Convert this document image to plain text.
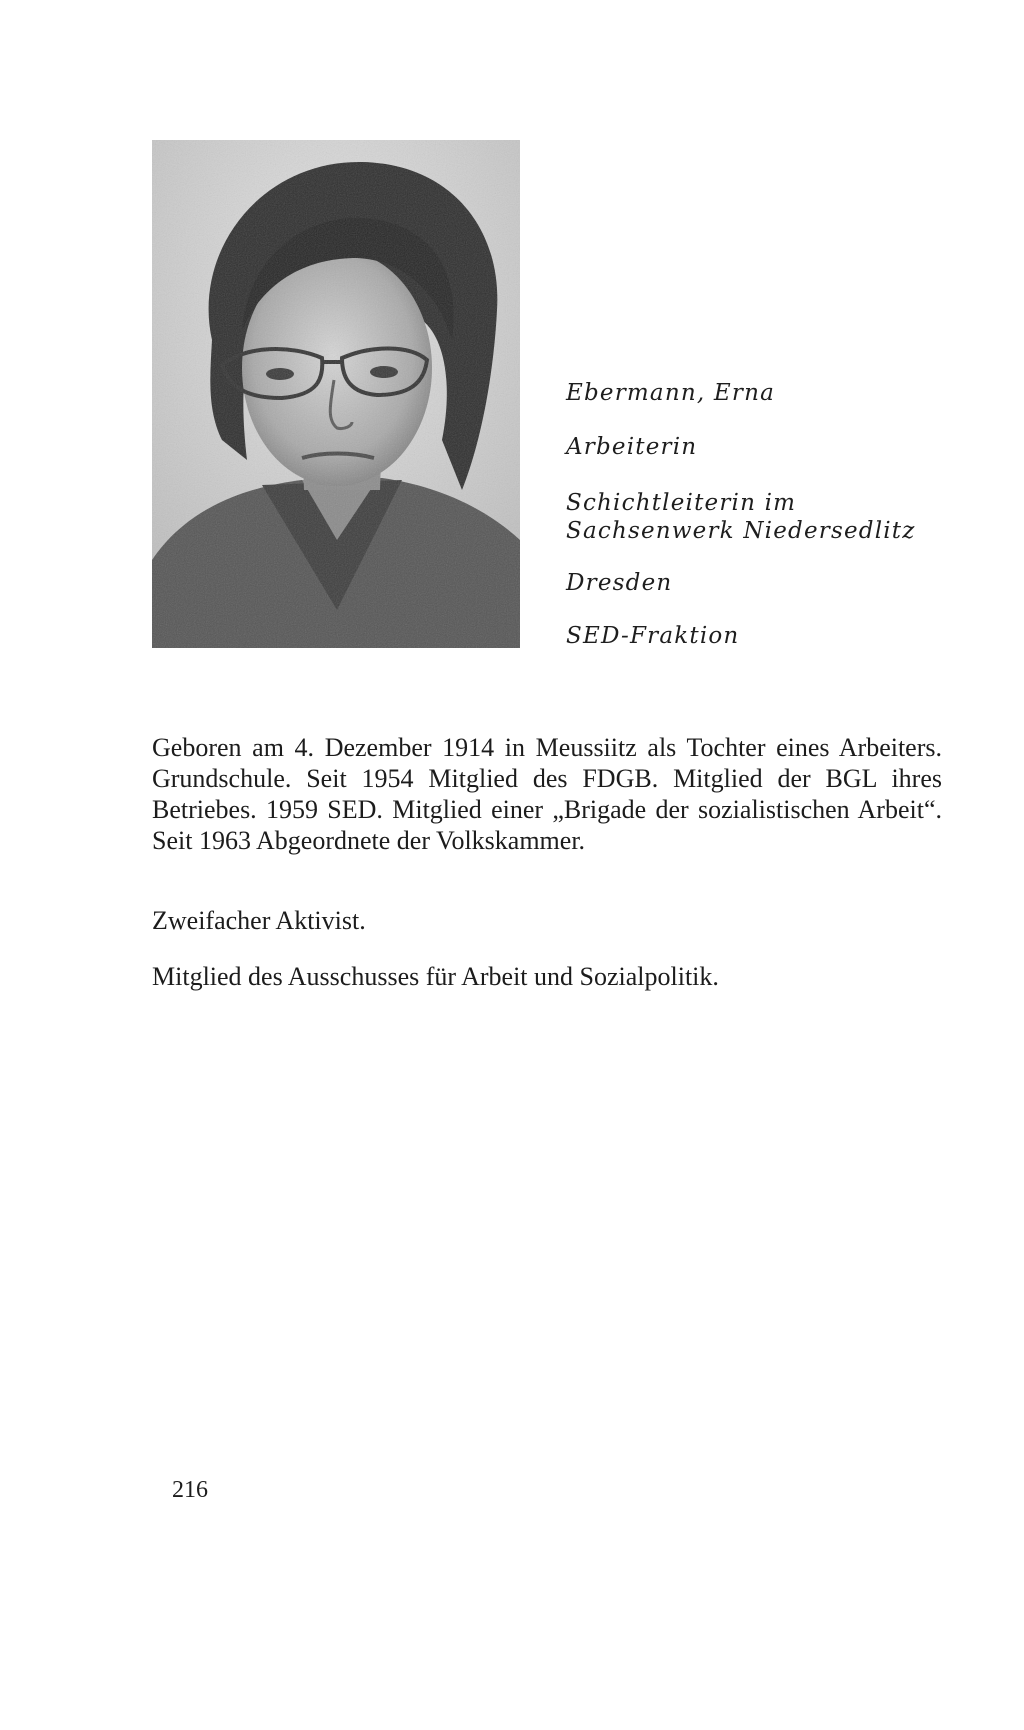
Ebermann, Erna
Arbeiterin
Schichtleiterin im
Sachsenwerk Niedersedlitz
Dresden
SED-Fraktion

Geboren am 4. Dezember 1914 in Meussiitz als Tochter eines Arbeiters. Grundschule. Seit 1954 Mitglied des FDGB. Mitglied der BGL ihres Betriebes. 1959 SED. Mitglied einer „Brigade der sozialistischen Arbeit“. Seit 1963 Abgeordnete der Volkskammer.

Zweifacher Aktivist.
Mitglied des Ausschusses für Arbeit und Sozialpolitik.
216
